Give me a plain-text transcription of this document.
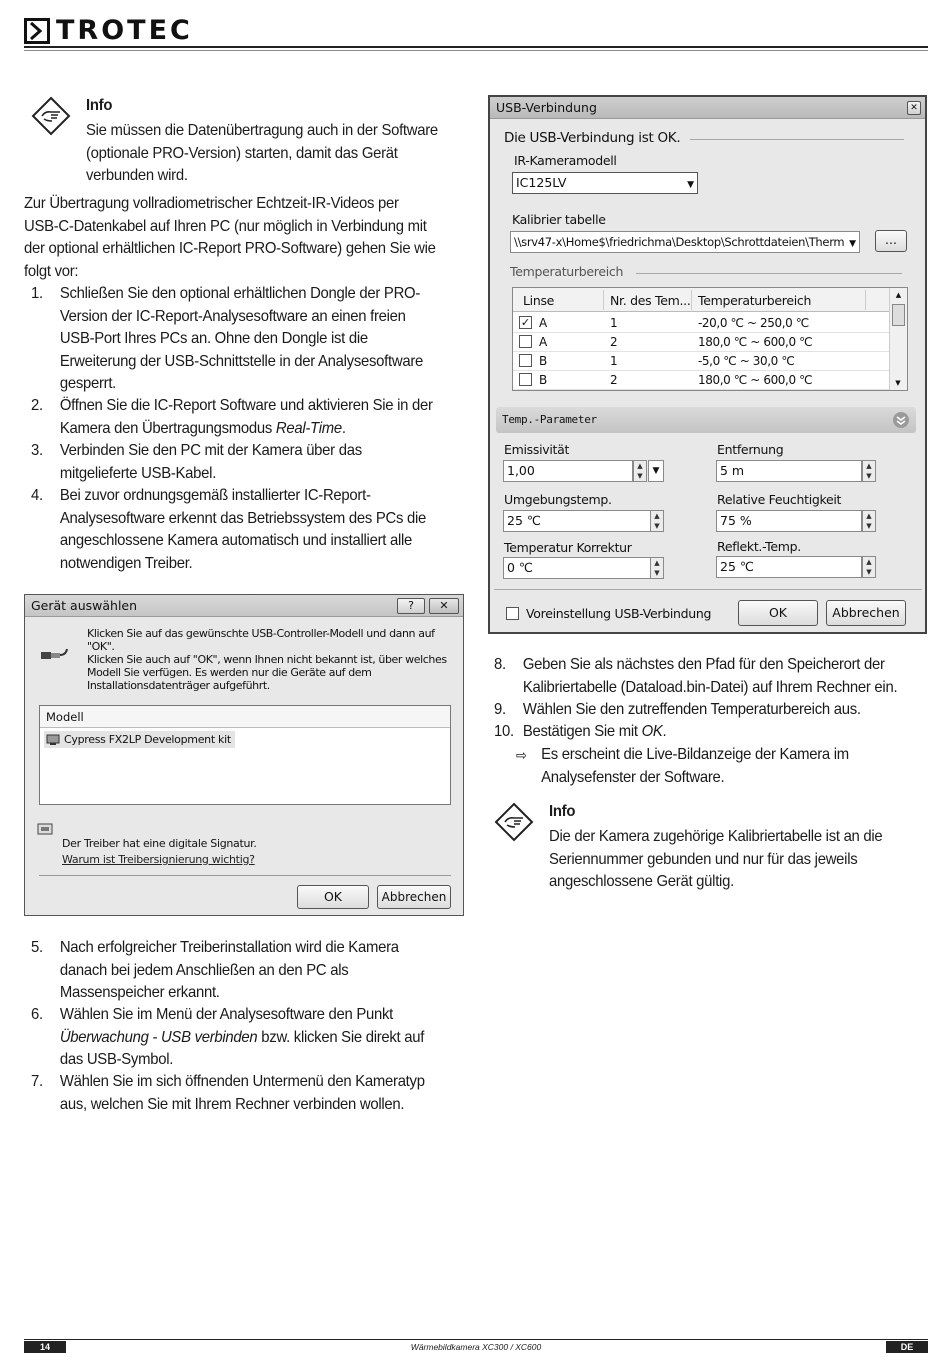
TROTEC
Info
Sie müssen die Datenübertragung auch in der Software
(optionale PRO-Version) starten, damit das Gerät
verbunden wird.
Zur Übertragung vollradiometrischer Echtzeit-IR-Videos per
USB-C-Datenkabel auf Ihren PC (nur möglich in Verbindung mit
der optional erhältlichen IC-Report PRO-Software) gehen Sie wie
folgt vor:
1. Schließen Sie den optional erhältlichen Dongle der PRO-
Version der IC-Report-Analysesoftware an einen freien
USB-Port Ihres PCs an. Ohne den Dongle ist die
Erweiterung der USB-Schnittstelle in der Analysesoftware
gesperrt.
2. Öffnen Sie die IC-Report Software und aktivieren Sie in der
Kamera den Übertragungsmodus Real-Time.
3. Verbinden Sie den PC mit der Kamera über das
mitgelieferte USB-Kabel.
4. Bei zuvor ordnungsgemäß installierter IC-Report-
Analysesoftware erkennt das Betriebssystem des PCs die
angeschlossene Kamera automatisch und installiert alle
notwendigen Treiber.
Gerät auswählen	?	✕
Klicken Sie auf das gewünschte USB-Controller-Modell und dann auf "OK".
Klicken Sie auch auf "OK", wenn Ihnen nicht bekannt ist, über welches
Modell Sie verfügen. Es werden nur die Geräte auf dem
Installationsdatenträger aufgeführt.
Modell
Cypress FX2LP Development kit
Der Treiber hat eine digitale Signatur.
Warum ist Treibersignierung wichtig?
OK	Abbrechen
5. Nach erfolgreicher Treiberinstallation wird die Kamera
danach bei jedem Anschließen an den PC als
Massenspeicher erkannt.
6. Wählen Sie im Menü der Analysesoftware den Punkt
Überwachung - USB verbinden bzw. klicken Sie direkt auf
das USB-Symbol.
7. Wählen Sie im sich öffnenden Untermenü den Kameratyp
aus, welchen Sie mit Ihrem Rechner verbinden wollen.
USB-Verbindung	✕
Die USB-Verbindung ist OK.
IR-Kameramodell
IC125LV	▼
Kalibrier tabelle
\\srv47-x\Home$\friedrichma\Desktop\Schrottdateien\Therm ▼	...
Temperaturbereich
Linse	Nr. des Tem... Temperaturbereich
✓ A	1	-20,0 ℃ ~ 250,0 ℃
A	2	180,0 ℃ ~ 600,0 ℃
B	1	-5,0 ℃ ~ 30,0 ℃
B	2	180,0 ℃ ~ 600,0 ℃
▲
▼
Temp.-Parameter
Emissivität
1,00	▲
▼	▼
Entfernung
5 m	▲
▼
Umgebungstemp.
25 ℃	▲
▼
Relative Feuchtigkeit
75 %	▲
▼
Temperatur Korrektur
0 ℃	▲
▼
Reflekt.-Temp.
25 ℃	▲
▼
Voreinstellung USB-Verbindung	OK	Abbrechen
8. Geben Sie als nächstes den Pfad für den Speicherort der
Kalibriertabelle (Dataload.bin-Datei) auf Ihrem Rechner ein.
9. Wählen Sie den zutreffenden Temperaturbereich aus.
10. Bestätigen Sie mit OK.
⇨ Es erscheint die Live-Bildanzeige der Kamera im
Analysefenster der Software.
Info
Die der Kamera zugehörige Kalibriertabelle ist an die
Seriennummer gebunden und nur für das jeweils
angeschlossene Gerät gültig.
14	Wärmebildkamera XC300 / XC600	DE
